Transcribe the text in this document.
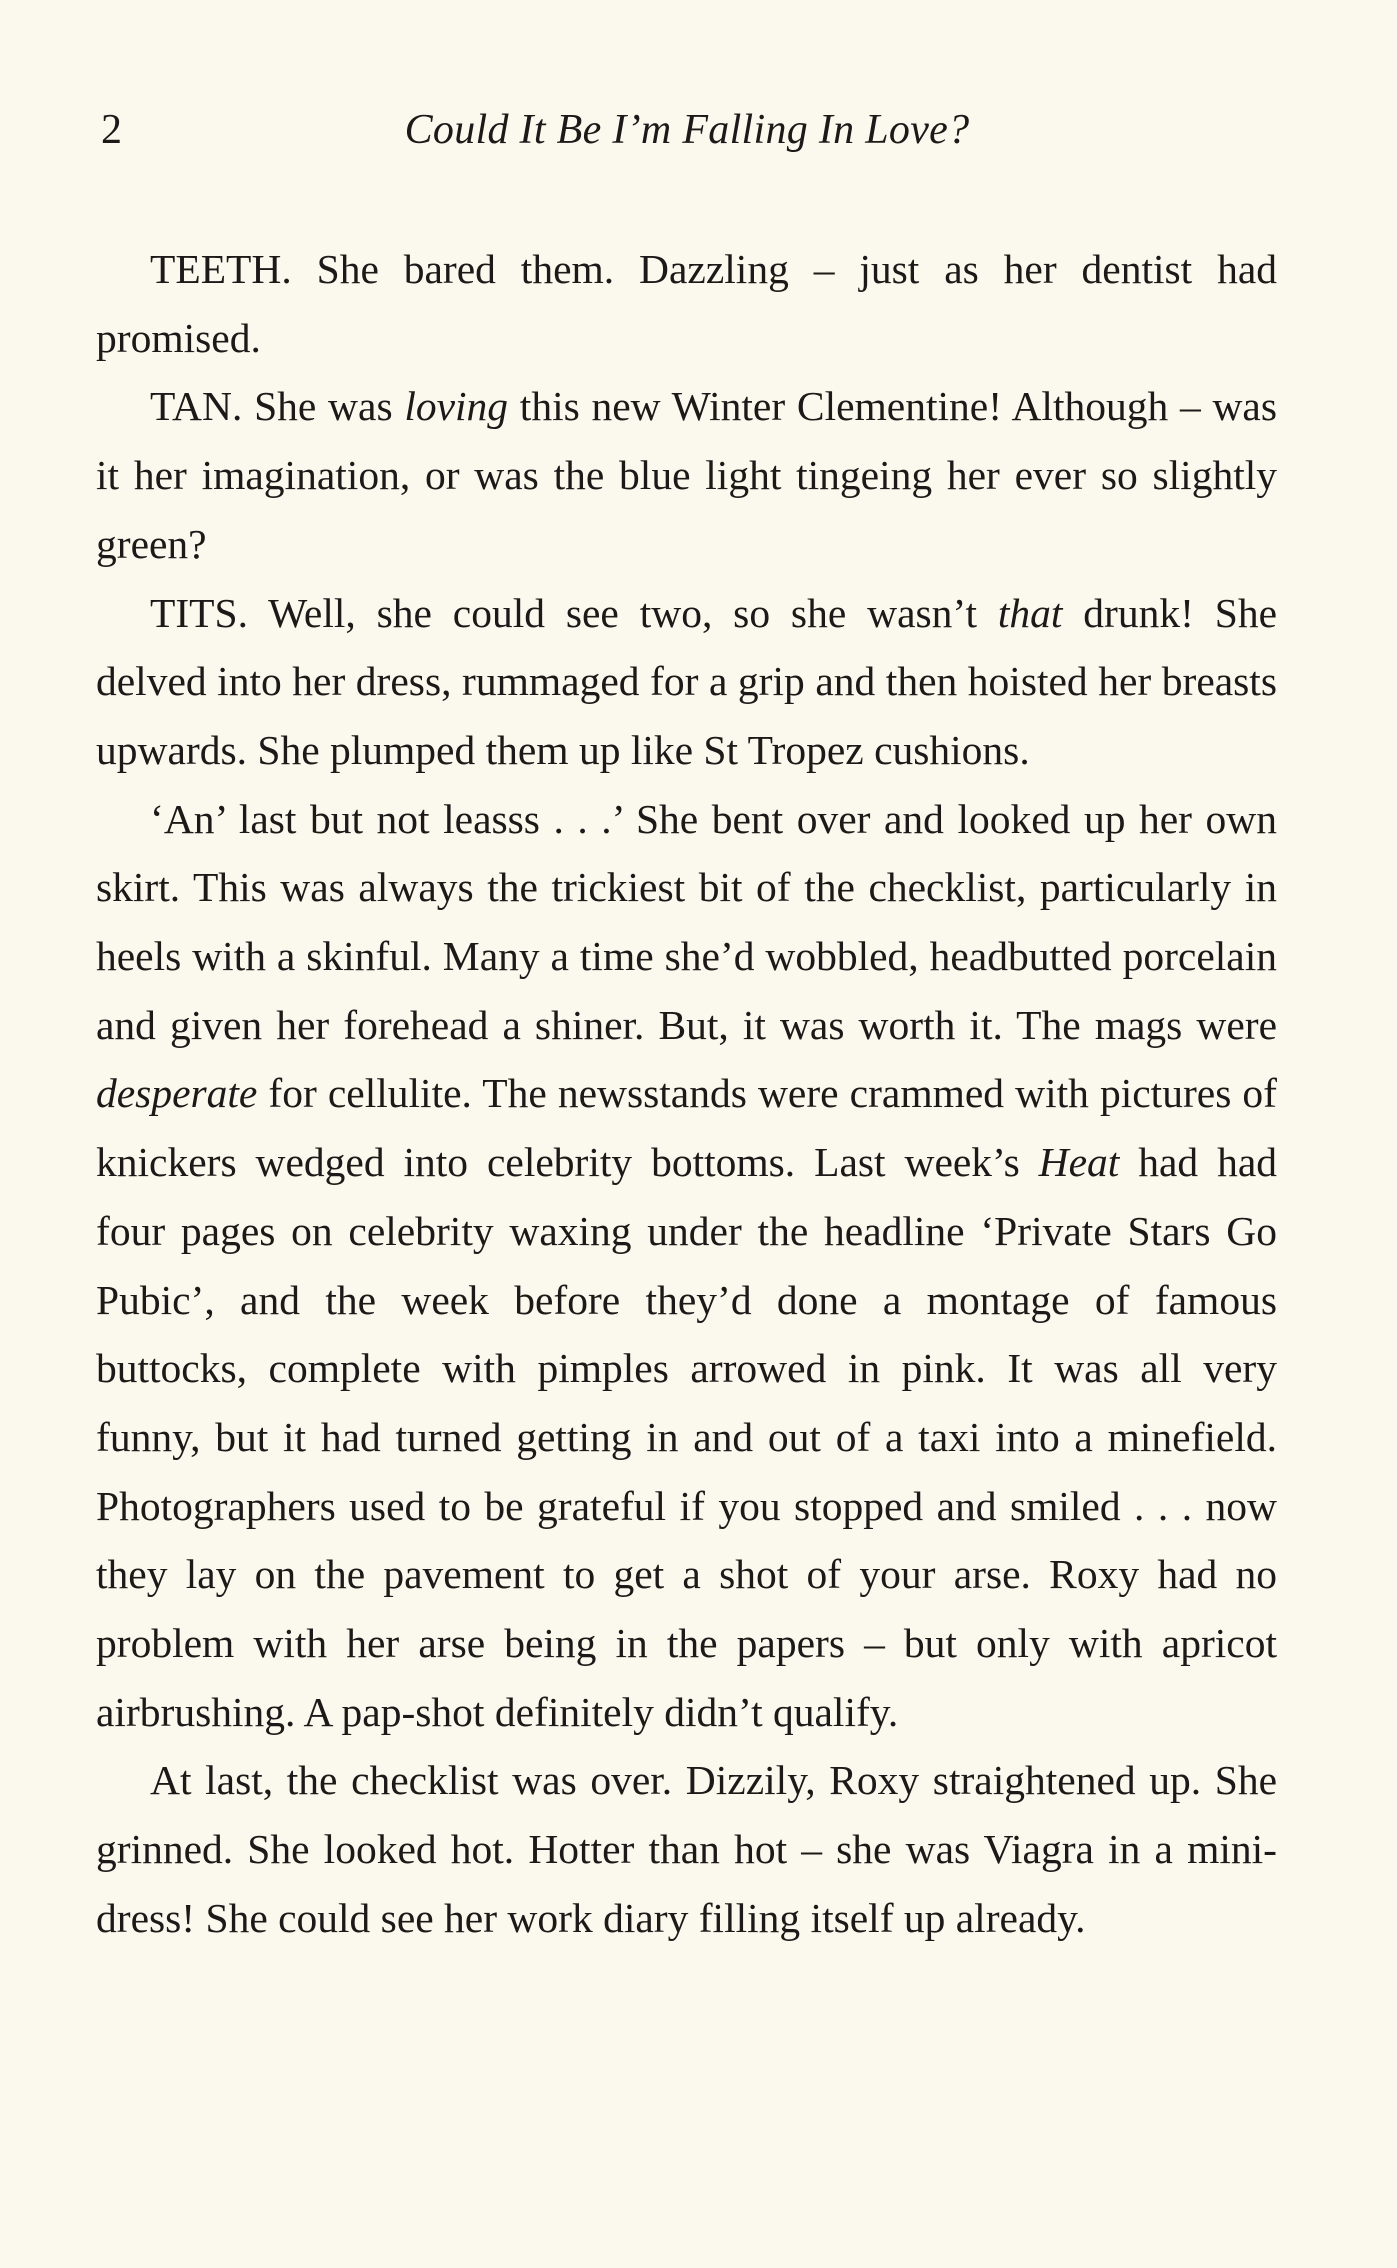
2	Could It Be I’m Falling In Love?

TEETH. She bared them. Dazzling – just as her dentist had promised.

TAN. She was loving this new Winter Clementine! Although – was it her imagination, or was the blue light tingeing her ever so slightly green?

TITS. Well, she could see two, so she wasn’t that drunk! She delved into her dress, rummaged for a grip and then hoisted her breasts upwards. She plumped them up like St Tropez cushions.

‘An’ last but not leasss . . .’ She bent over and looked up her own skirt. This was always the trickiest bit of the checklist, particularly in heels with a skinful. Many a time she’d wobbled, headbutted porcelain and given her forehead a shiner. But, it was worth it. The mags were desperate for cellulite. The newsstands were crammed with pictures of knickers wedged into celebrity bottoms. Last week’s Heat had had four pages on celebrity waxing under the headline ‘Private Stars Go Pubic’, and the week before they’d done a montage of famous buttocks, complete with pimples arrowed in pink. It was all very funny, but it had turned getting in and out of a taxi into a minefield. Photographers used to be grateful if you stopped and smiled . . . now they lay on the pavement to get a shot of your arse. Roxy had no problem with her arse being in the papers – but only with apricot airbrushing. A pap-shot definitely didn’t qualify.

At last, the checklist was over. Dizzily, Roxy straightened up. She grinned. She looked hot. Hotter than hot – she was Viagra in a mini-dress! She could see her work diary filling itself up already.
